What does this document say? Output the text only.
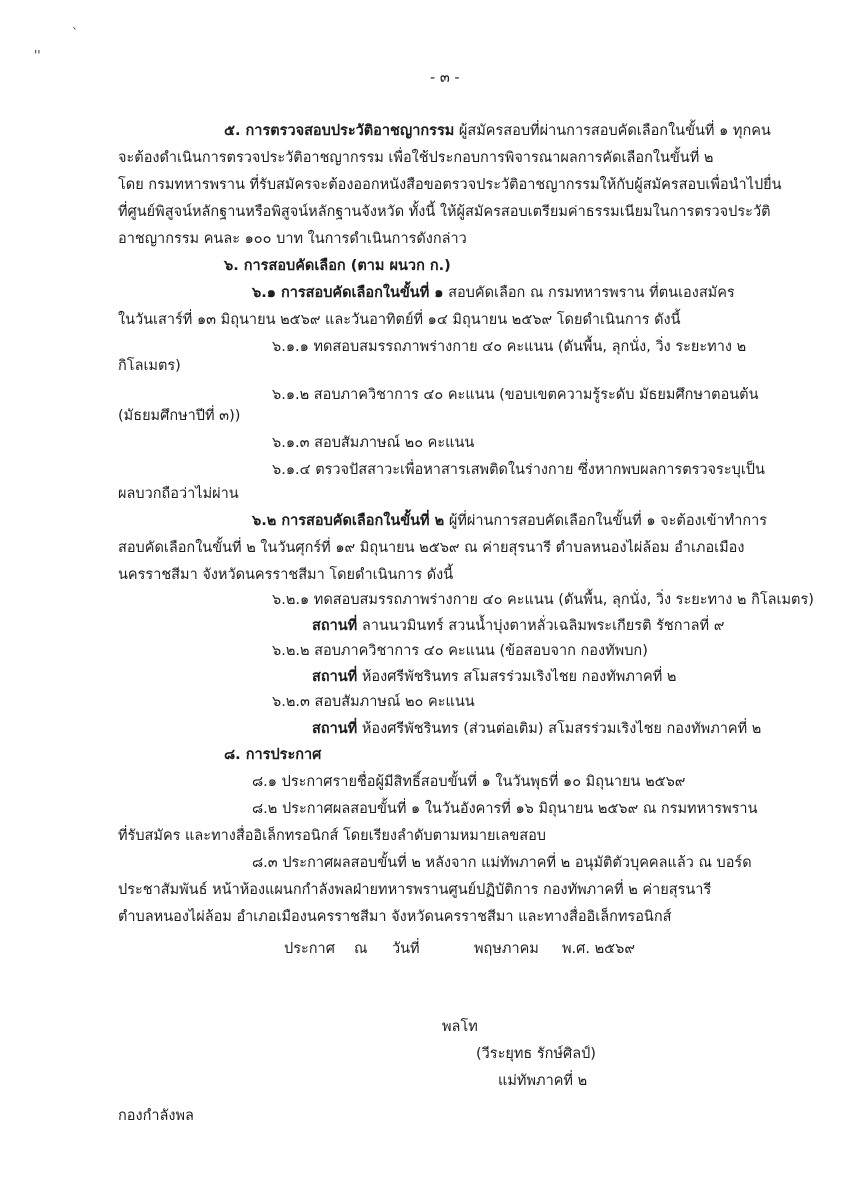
`
''
- ๓ -
๕. การตรวจสอบประวัติอาชญากรรม ผู้สมัครสอบที่ผ่านการสอบคัดเลือกในขั้นที่ ๑ ทุกคน
จะต้องดำเนินการตรวจประวัติอาชญากรรม เพื่อใช้ประกอบการพิจารณาผลการคัดเลือกในขั้นที่ ๒
โดย กรมทหารพราน ที่รับสมัครจะต้องออกหนังสือขอตรวจประวัติอาชญากรรมให้กับผู้สมัครสอบเพื่อนำไปยื่น
ที่ศูนย์พิสูจน์หลักฐานหรือพิสูจน์หลักฐานจังหวัด ทั้งนี้ ให้ผู้สมัครสอบเตรียมค่าธรรมเนียมในการตรวจประวัติ
อาชญากรรม คนละ ๑๐๐ บาท ในการดำเนินการดังกล่าว
๖. การสอบคัดเลือก (ตาม ผนวก ก.)
๖.๑ การสอบคัดเลือกในขั้นที่ ๑ สอบคัดเลือก ณ กรมทหารพราน ที่ตนเองสมัคร
ในวันเสาร์ที่ ๑๓ มิถุนายน ๒๕๖๙ และวันอาทิตย์ที่ ๑๔ มิถุนายน ๒๕๖๙ โดยดำเนินการ ดังนี้
๖.๑.๑ ทดสอบสมรรถภาพร่างกาย ๔๐ คะแนน (ดันพื้น, ลุกนั่ง, วิ่ง ระยะทาง ๒
กิโลเมตร)
๖.๑.๒ สอบภาควิชาการ ๔๐ คะแนน (ขอบเขตความรู้ระดับ มัธยมศึกษาตอนต้น
(มัธยมศึกษาปีที่ ๓))
๖.๑.๓ สอบสัมภาษณ์ ๒๐ คะแนน
๖.๑.๔ ตรวจปัสสาวะเพื่อหาสารเสพติดในร่างกาย ซึ่งหากพบผลการตรวจระบุเป็น
ผลบวกถือว่าไม่ผ่าน
๖.๒ การสอบคัดเลือกในขั้นที่ ๒ ผู้ที่ผ่านการสอบคัดเลือกในขั้นที่ ๑ จะต้องเข้าทำการ
สอบคัดเลือกในขั้นที่ ๒ ในวันศุกร์ที่ ๑๙ มิถุนายน ๒๕๖๙ ณ ค่ายสุรนารี ตำบลหนองไผ่ล้อม อำเภอเมือง
นครราชสีมา จังหวัดนครราชสีมา โดยดำเนินการ ดังนี้
๖.๒.๑ ทดสอบสมรรถภาพร่างกาย ๔๐ คะแนน (ดันพื้น, ลุกนั่ง, วิ่ง ระยะทาง ๒ กิโลเมตร)
สถานที่ ลานนวมินทร์ สวนน้ำบุ่งตาหลั่วเฉลิมพระเกียรติ รัชกาลที่ ๙
๖.๒.๒ สอบภาควิชาการ ๔๐ คะแนน (ข้อสอบจาก กองทัพบก)
สถานที่ ห้องศรีพัชรินทร สโมสรร่วมเริงไชย กองทัพภาคที่ ๒
๖.๒.๓ สอบสัมภาษณ์ ๒๐ คะแนน
สถานที่ ห้องศรีพัชรินทร (ส่วนต่อเติม) สโมสรร่วมเริงไชย กองทัพภาคที่ ๒
๘. การประกาศ
๘.๑ ประกาศรายชื่อผู้มีสิทธิ์สอบขั้นที่ ๑ ในวันพุธที่ ๑๐ มิถุนายน ๒๕๖๙
๘.๒ ประกาศผลสอบขั้นที่ ๑ ในวันอังคารที่ ๑๖ มิถุนายน ๒๕๖๙ ณ กรมทหารพราน
ที่รับสมัคร และทางสื่ออิเล็กทรอนิกส์ โดยเรียงลำดับตามหมายเลขสอบ
๘.๓ ประกาศผลสอบขั้นที่ ๒ หลังจาก แม่ทัพภาคที่ ๒ อนุมัติตัวบุคคลแล้ว ณ บอร์ด
ประชาสัมพันธ์ หน้าห้องแผนกกำลังพลฝ่ายทหารพรานศูนย์ปฏิบัติการ กองทัพภาคที่ ๒ ค่ายสุรนารี
ตำบลหนองไผ่ล้อม อำเภอเมืองนครราชสีมา จังหวัดนครราชสีมา และทางสื่ออิเล็กทรอนิกส์
ประกาศ ณ วันที่	พฤษภาคม พ.ศ. ๒๕๖๙
พลโท
(วีระยุทธ รักษ์ศิลป์)
แม่ทัพภาคที่ ๒
กองกำลังพล
